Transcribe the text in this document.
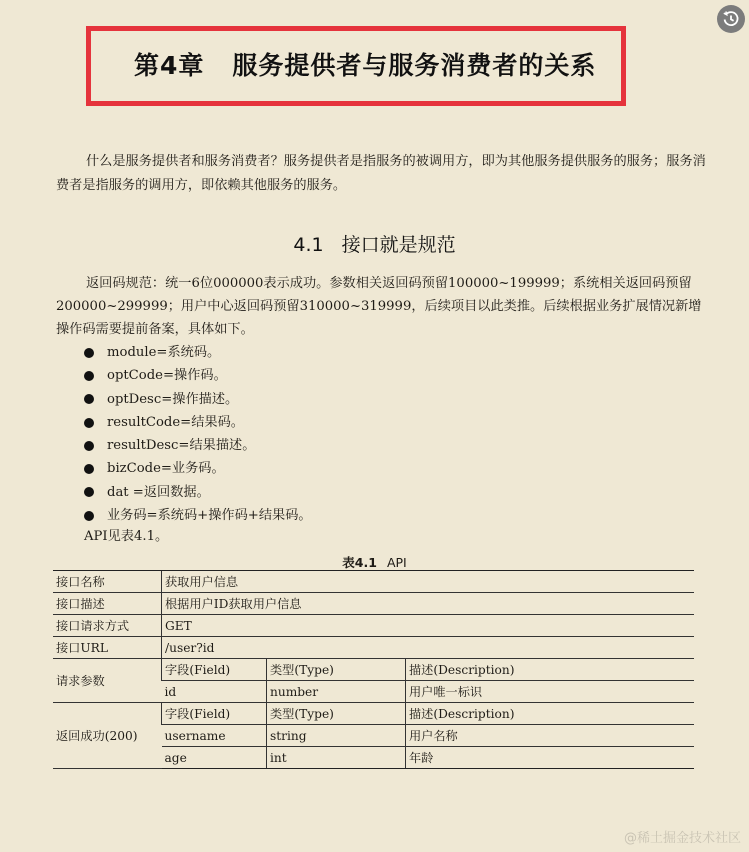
第4章 服务提供者与服务消费者的关系
什么是服务提供者和服务消费者？服务提供者是指服务的被调用方，即为其他服务提供服务的服务；服务消费者是指服务的调用方，即依赖其他服务的服务。
4.1 接口就是规范
返回码规范：统一6位000000表示成功。参数相关返回码预留100000~199999；系统相关返回码预留200000~299999；用户中心返回码预留310000~319999，后续项目以此类推。后续根据业务扩展情况新增操作码需要提前备案，具体如下。
module=系统码。
optCode=操作码。
optDesc=操作描述。
resultCode=结果码。
resultDesc=结果描述。
bizCode=业务码。
dat =返回数据。
业务码=系统码+操作码+结果码。
API见表4.1。
表4.1 API
接口名称	获取用户信息		
接口描述	根据用户ID获取用户信息		
接口请求方式	GET		
接口URL	/user?id		
请求参数	字段(Field)	类型(Type)	描述(Description)
	id	number	用户唯一标识
返回成功(200)	字段(Field)	类型(Type)	描述(Description)
	username	string	用户名称
	age	int	年龄
@稀土掘金技术社区
